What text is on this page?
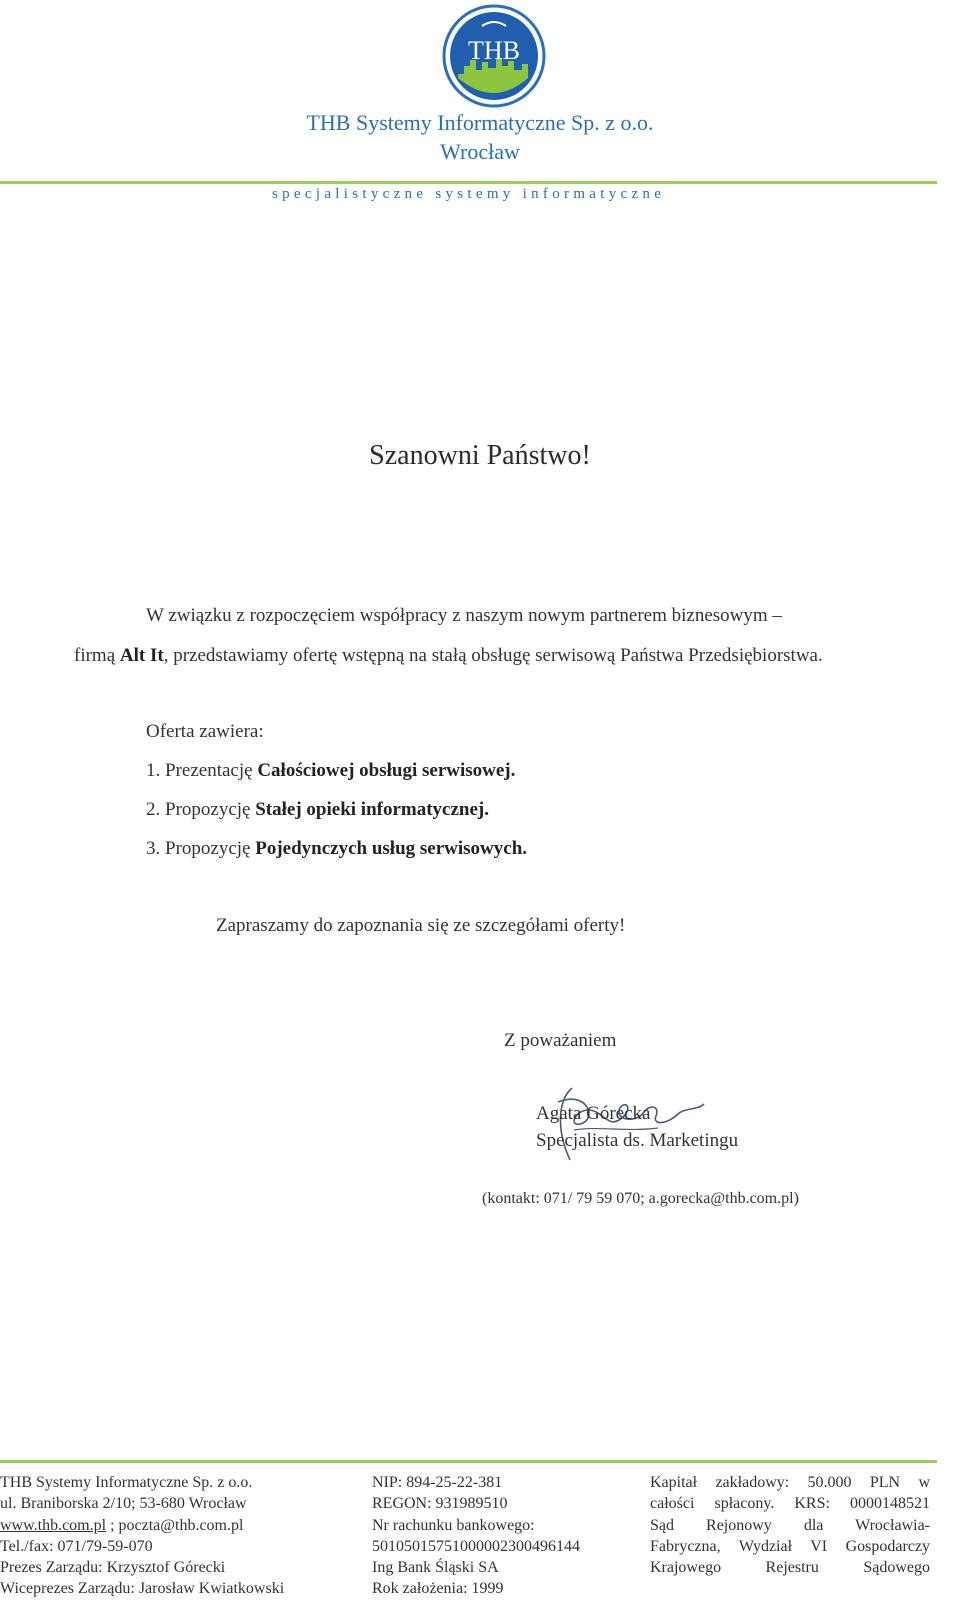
THB
THB Systemy Informatyczne Sp. z o.o.
Wrocław
specjalistyczne systemy informatyczne
Szanowni Państwo!
W związku z rozpoczęciem współpracy z naszym nowym partnerem biznesowym –
firmą Alt It, przedstawiamy ofertę wstępną na stałą obsługę serwisową Państwa Przedsiębiorstwa.
Oferta zawiera:
1. Prezentację Całościowej obsługi serwisowej.
2. Propozycję Stałej opieki informatycznej.
3. Propozycję Pojedynczych usług serwisowych.
Zapraszamy do zapoznania się ze szczegółami oferty!
Z poważaniem
Agata Górecka
Specjalista ds. Marketingu
(kontakt: 071/ 79 59 070; a.gorecka@thb.com.pl)
THB Systemy Informatyczne Sp. z o.o.
ul. Braniborska 2/10; 53-680 Wrocław
www.thb.com.pl ; poczta@thb.com.pl
Tel./fax: 071/79-59-070
Prezes Zarządu: Krzysztof Górecki
Wiceprezes Zarządu: Jarosław Kwiatkowski
NIP: 894-25-22-381
REGON: 931989510
Nr rachunku bankowego:
50105015751000002300496144
Ing Bank Śląski SA
Rok założenia: 1999
Kapitał zakładowy: 50.000 PLN w
całości spłacony. KRS: 0000148521
Sąd Rejonowy dla Wrocławia-
Fabryczna, Wydział VI Gospodarczy
Krajowego Rejestru Sądowego
